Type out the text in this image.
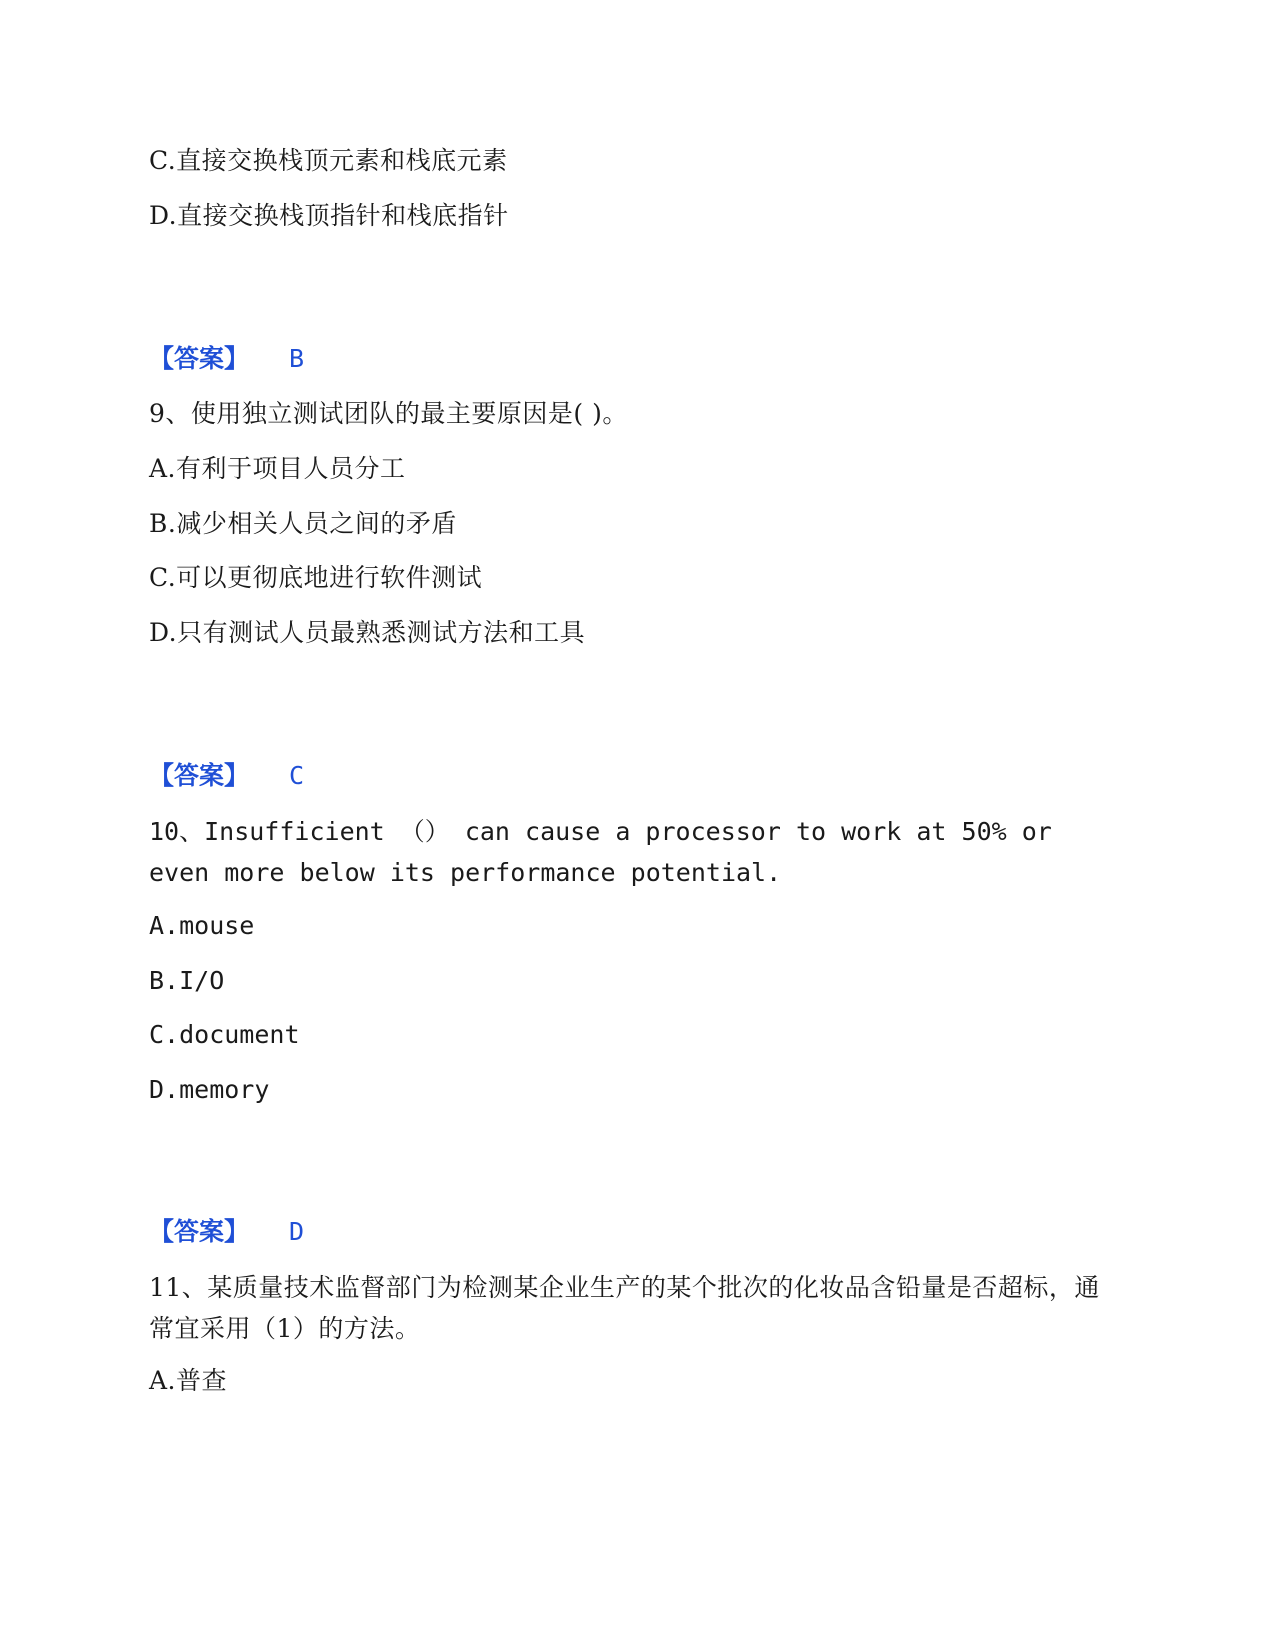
C.直接交换栈顶元素和栈底元素
D.直接交换栈顶指针和栈底指针
【答案】 B
9、使用独立测试团队的最主要原因是( )。
A.有利于项目人员分工
B.减少相关人员之间的矛盾
C.可以更彻底地进行软件测试
D.只有测试人员最熟悉测试方法和工具
【答案】 C
10、Insufficient （） can cause a processor to work at 50% or even more below its performance potential.
A.mouse
B.I/O
C.document
D.memory
【答案】 D
11、某质量技术监督部门为检测某企业生产的某个批次的化妆品含铅量是否超标，通常宜采用（1）的方法。
A.普查
